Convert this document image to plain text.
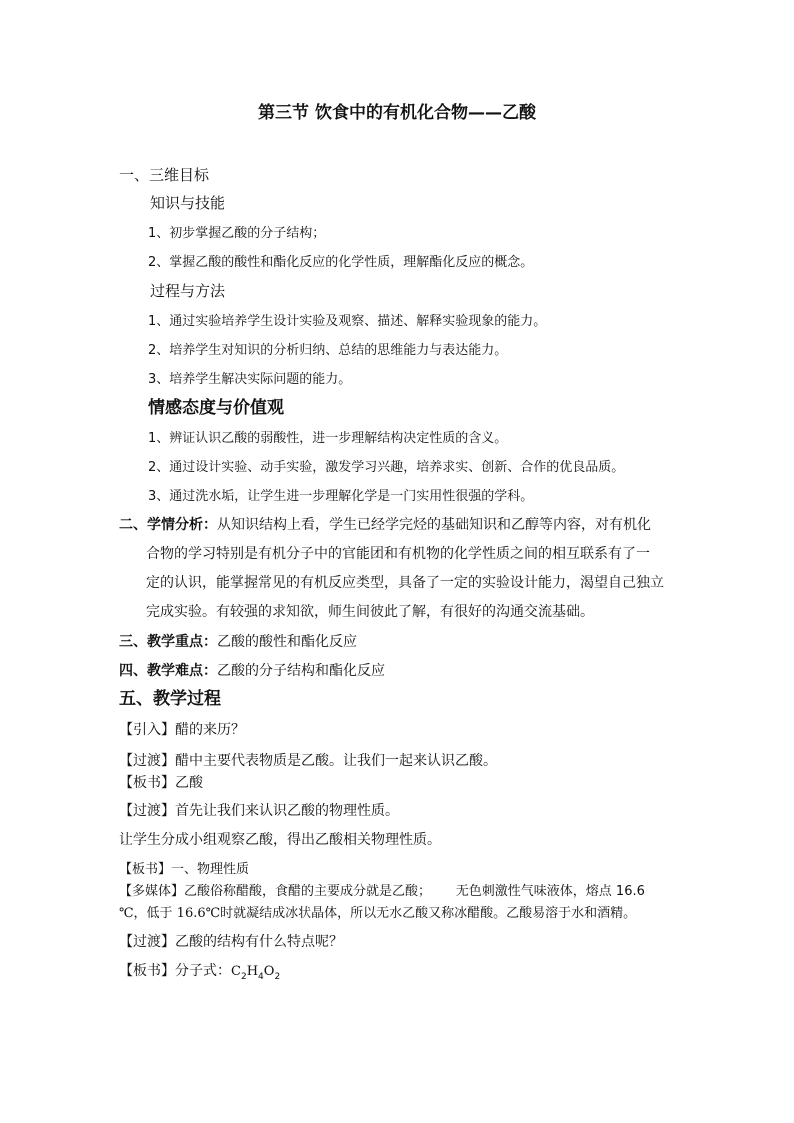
第三节 饮食中的有机化合物——乙酸
一、三维目标
知识与技能
1、初步掌握乙酸的分子结构；
2、掌握乙酸的酸性和酯化反应的化学性质，理解酯化反应的概念。
过程与方法
1、通过实验培养学生设计实验及观察、描述、解释实验现象的能力。
2、培养学生对知识的分析归纳、总结的思维能力与表达能力。
3、培养学生解决实际问题的能力。
情感态度与价值观
1、辨证认识乙酸的弱酸性，进一步理解结构决定性质的含义。
2、通过设计实验、动手实验，激发学习兴趣，培养求实、创新、合作的优良品质。
3、通过洗水垢，让学生进一步理解化学是一门实用性很强的学科。
二、学情分析：从知识结构上看，学生已经学完烃的基础知识和乙醇等内容，对有机化
合物的学习特别是有机分子中的官能团和有机物的化学性质之间的相互联系有了一
定的认识，能掌握常见的有机反应类型，具备了一定的实验设计能力，渴望自己独立
完成实验。有较强的求知欲，师生间彼此了解，有很好的沟通交流基础。
三、教学重点：乙酸的酸性和酯化反应
四、教学难点：乙酸的分子结构和酯化反应
五、教学过程
【引入】醋的来历？
【过渡】醋中主要代表物质是乙酸。让我们一起来认识乙酸。
【板书】乙酸
【过渡】首先让我们来认识乙酸的物理性质。
让学生分成小组观察乙酸，得出乙酸相关物理性质。
【板书】一、物理性质
【多媒体】乙酸俗称醋酸，食醋的主要成分就是乙酸；      无色刺激性气味液体，熔点 16.6
℃，低于 16.6℃时就凝结成冰状晶体，所以无水乙酸又称冰醋酸。乙酸易溶于水和酒精。
【过渡】乙酸的结构有什么特点呢？
【板书】分子式：$C_2H_4O_2$
